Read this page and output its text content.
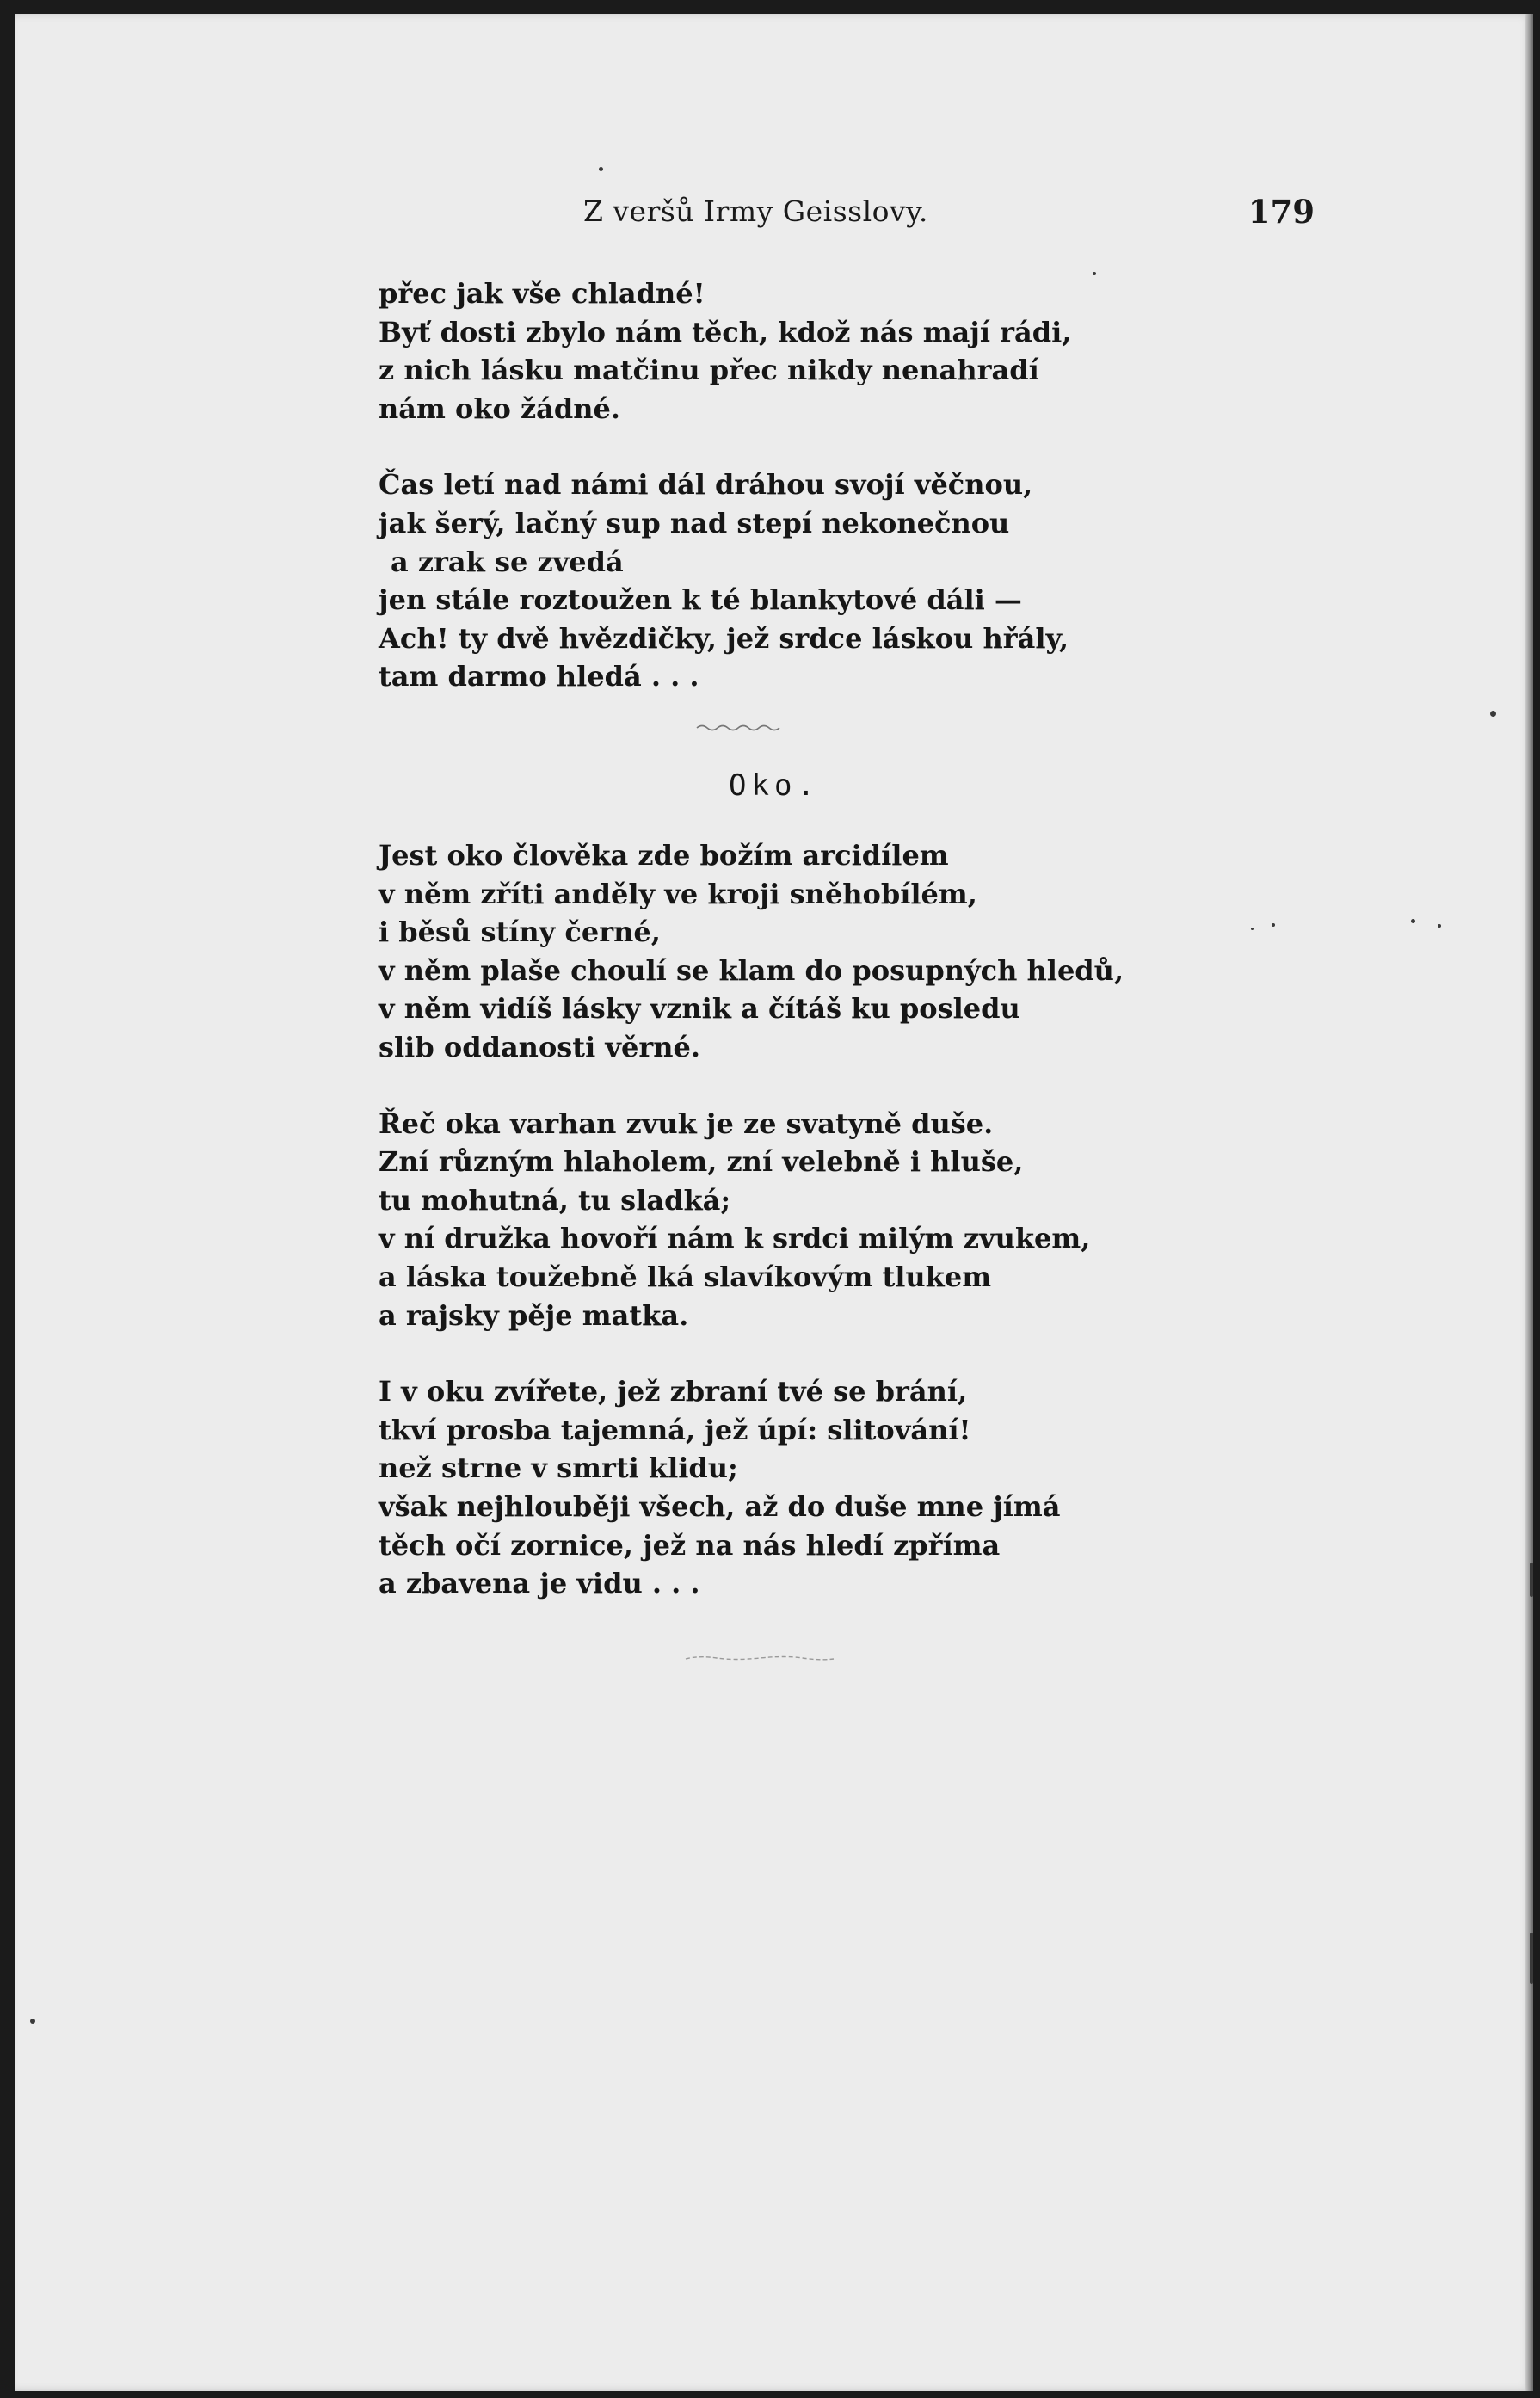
Z veršů Irmy Geisslovy.	179
přec jak vše chladné!
Byť dosti zbylo nám těch, kdož nás mají rádi,
z nich lásku matčinu přec nikdy nenahradí
nám oko žádné.
Čas letí nad námi dál dráhou svojí věčnou,
jak šerý, lačný sup nad stepí nekonečnou
a zrak se zvedá
jen stále roztoužen k té blankytové dáli —
Ach! ty dvě hvězdičky, jež srdce láskou hřály,
tam darmo hledá . . .
Oko.
Jest oko člověka zde božím arcidílem
v něm zříti anděly ve kroji sněhobílém,
i běsů stíny černé,
v něm plaše choulí se klam do posupných hledů,
v něm vidíš lásky vznik a čítáš ku posledu
slib oddanosti věrné.
Řeč oka varhan zvuk je ze svatyně duše.
Zní různým hlaholem, zní velebně i hluše,
tu mohutná, tu sladká;
v ní družka hovoří nám k srdci milým zvukem,
a láska toužebně lká slavíkovým tlukem
a rajsky pěje matka.
I v oku zvířete, jež zbraní tvé se brání,
tkví prosba tajemná, jež úpí: slitování!
než strne v smrti klidu;
však nejhlouběji všech, až do duše mne jímá
těch očí zornice, jež na nás hledí zpříma
a zbavena je vidu . . .
